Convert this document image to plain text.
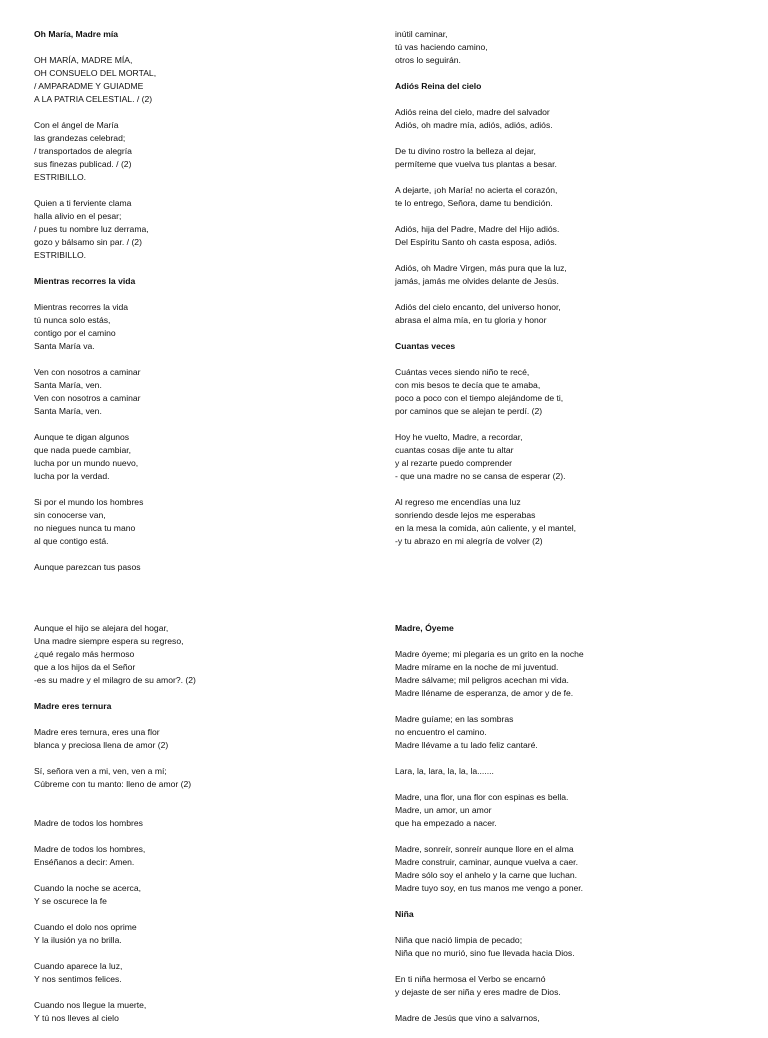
Oh María, Madre mía
OH MARÍA, MADRE MÍA,
OH CONSUELO DEL MORTAL,
/ AMPARADME Y GUIADME
A LA PATRIA CELESTIAL. / (2)
Con el ángel de María
las grandezas celebrad;
/ transportados de alegría
sus finezas publicad. / (2)
ESTRIBILLO.
Quien a ti ferviente clama
halla alivio en el pesar;
/ pues tu nombre luz derrama,
gozo y bálsamo sin par. / (2)
ESTRIBILLO.
Mientras recorres la vida
Mientras recorres la vida
tú nunca solo estás,
contigo por el camino
Santa María va.
Ven con nosotros a caminar
Santa María, ven.
Ven con nosotros a caminar
Santa María, ven.
Aunque te digan algunos
que nada puede cambiar,
lucha por un mundo nuevo,
lucha por la verdad.
Si por el mundo los hombres
sin conocerse van,
no niegues nunca tu mano
al que contigo está.
Aunque parezcan tus pasos
inútil caminar,
tú vas haciendo camino,
otros lo seguirán.
Adiós Reina del cielo
Adiós reina del cielo, madre del salvador
Adiós, oh madre mía, adiós, adiós, adiós.
De tu divino rostro la belleza al dejar,
permíteme que vuelva tus plantas a besar.
A dejarte, ¡oh María! no acierta el corazón,
te lo entrego, Señora, dame tu bendición.
Adiós, hija del Padre, Madre del Hijo adiós.
Del Espíritu Santo oh casta esposa, adiós.
Adiós, oh Madre Virgen, más pura que la luz,
jamás, jamás me olvides delante de Jesús.
Adiós del cielo encanto, del universo honor,
abrasa el alma mía, en tu gloria y honor
Cuantas veces
Cuántas veces siendo niño te recé,
con mis besos te decía que te amaba,
poco a poco con el tiempo alejándome de ti,
por caminos que se alejan te perdí. (2)
Hoy he vuelto, Madre, a recordar,
cuantas cosas dije ante tu altar
y al rezarte puedo comprender
- que una madre no se cansa de esperar (2).
Al regreso me encendías una luz
sonriendo desde lejos me esperabas
en la mesa la comida, aún caliente, y el mantel,
-y tu abrazo en mi alegría de volver (2)
Aunque el hijo se alejara del hogar,
Una madre siempre espera su regreso,
¿qué regalo más hermoso
que a los hijos da el Señor
-es su madre y el milagro de su amor?. (2)
Madre eres ternura
Madre eres ternura, eres una flor
blanca y preciosa llena de amor (2)
Sí, señora ven a mi, ven, ven a mí;
Cúbreme con tu manto: lleno de amor (2)

Madre de todos los hombres
Madre de todos los hombres,
Enséñanos a decir: Amen.
Cuando la noche se acerca,
Y se oscurece la fe
Cuando el dolo nos oprime
Y la ilusión ya no brilla.
Cuando aparece la luz,
Y nos sentimos felices.
Cuando nos llegue la muerte,
Y tú nos lleves al cielo
Madre, Óyeme
Madre óyeme; mi plegaria es un grito en la noche
Madre mírame en la noche de mi juventud.
Madre sálvame; mil peligros acechan mi vida.
Madre lléname de esperanza, de amor y de fe.
Madre guíame; en las sombras
no encuentro el camino.
Madre llévame a tu lado feliz cantaré.
Lara, la, lara, la, la, la.......
Madre, una flor, una flor con espinas es bella.
Madre, un amor, un amor
que ha empezado a nacer.
Madre, sonreír, sonreír aunque llore en el alma
Madre construir, caminar, aunque vuelva a caer.
Madre sólo soy el anhelo y la carne que luchan.
Madre tuyo soy, en tus manos me vengo a poner.
Niña
Niña que nació limpia de pecado;
Niña que no murió, sino fue llevada hacia Dios.
En ti niña hermosa el Verbo se encarnó
y dejaste de ser niña y eres madre de Dios.
Madre de Jesús que vino a salvarnos,
